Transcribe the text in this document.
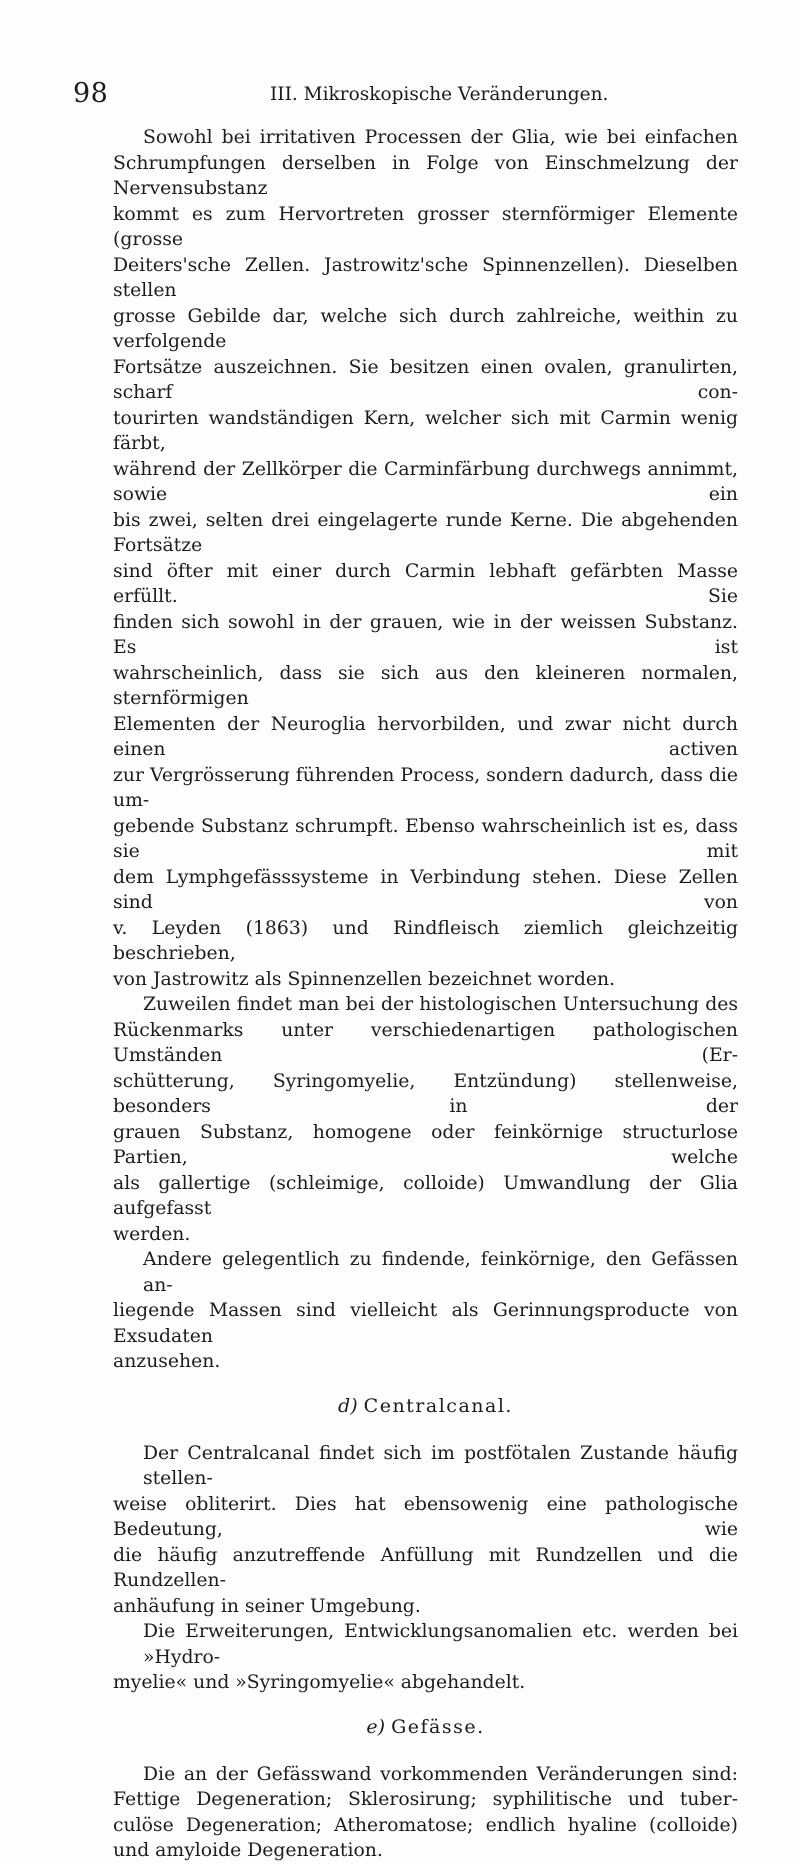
98	III. Mikroskopische Veränderungen.
Sowohl bei irritativen Processen der Glia, wie bei einfachen
Schrumpfungen derselben in Folge von Einschmelzung der Nervensubstanz
kommt es zum Hervortreten grosser sternförmiger Elemente (grosse
Deiters'sche Zellen. Jastrowitz'sche Spinnenzellen). Dieselben stellen
grosse Gebilde dar, welche sich durch zahlreiche, weithin zu verfolgende
Fortsätze auszeichnen. Sie besitzen einen ovalen, granulirten, scharf con-
tourirten wandständigen Kern, welcher sich mit Carmin wenig färbt,
während der Zellkörper die Carminfärbung durchwegs annimmt, sowie ein
bis zwei, selten drei eingelagerte runde Kerne. Die abgehenden Fortsätze
sind öfter mit einer durch Carmin lebhaft gefärbten Masse erfüllt. Sie
finden sich sowohl in der grauen, wie in der weissen Substanz. Es ist
wahrscheinlich, dass sie sich aus den kleineren normalen, sternförmigen
Elementen der Neuroglia hervorbilden, und zwar nicht durch einen activen
zur Vergrösserung führenden Process, sondern dadurch, dass die um-
gebende Substanz schrumpft. Ebenso wahrscheinlich ist es, dass sie mit
dem Lymphgefässsysteme in Verbindung stehen. Diese Zellen sind von
v. Leyden (1863) und Rindfleisch ziemlich gleichzeitig beschrieben,
von Jastrowitz als Spinnenzellen bezeichnet worden.
Zuweilen findet man bei der histologischen Untersuchung des
Rückenmarks unter verschiedenartigen pathologischen Umständen (Er-
schütterung, Syringomyelie, Entzündung) stellenweise, besonders in der
grauen Substanz, homogene oder feinkörnige structurlose Partien, welche
als gallertige (schleimige, colloide) Umwandlung der Glia aufgefasst
werden.
Andere gelegentlich zu findende, feinkörnige, den Gefässen an-
liegende Massen sind vielleicht als Gerinnungsproducte von Exsudaten
anzusehen.
d) Centralcanal.
Der Centralcanal findet sich im postfötalen Zustande häufig stellen-
weise obliterirt. Dies hat ebensowenig eine pathologische Bedeutung, wie
die häufig anzutreffende Anfüllung mit Rundzellen und die Rundzellen-
anhäufung in seiner Umgebung.
Die Erweiterungen, Entwicklungsanomalien etc. werden bei »Hydro-
myelie« und »Syringomyelie« abgehandelt.
e) Gefässe.
Die an der Gefässwand vorkommenden Veränderungen sind:
Fettige Degeneration; Sklerosirung; syphilitische und tuber-
culöse Degeneration; Atheromatose; endlich hyaline (colloide)
und amyloide Degeneration.
